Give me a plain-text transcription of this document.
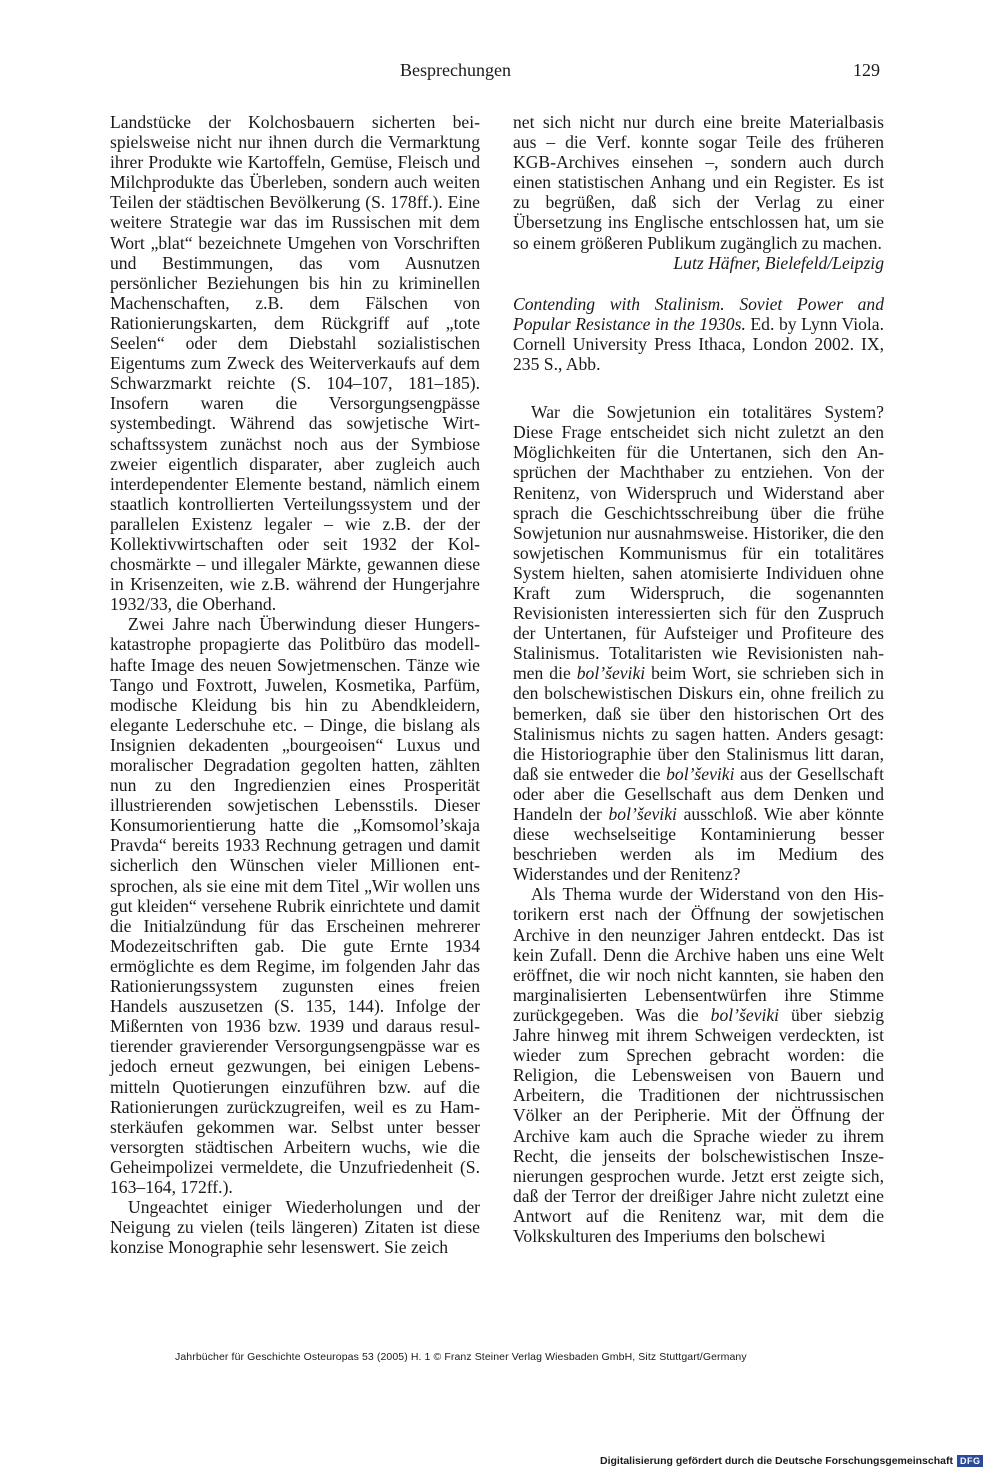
Besprechungen	129

Landstücke der Kolchosbauern sicherten beispielsweise nicht nur ihnen durch die Vermarktung ihrer Produkte wie Kartoffeln, Gemüse, Fleisch und Milchprodukte das Überleben, sondern auch weiten Teilen der städtischen Bevölkerung (S. 178ff.). Eine weitere Strategie war das im Russischen mit dem Wort „blat“ bezeichnete Umgehen von Vorschriften und Bestimmungen, das vom Ausnutzen persönlicher Beziehungen bis hin zu kriminellen Machenschaften, z.B. dem Fälschen von Rationierungskarten, dem Rückgriff auf „tote Seelen“ oder dem Diebstahl sozialistischen Eigentums zum Zweck des Weiterverkaufs auf dem Schwarzmarkt reichte (S. 104–107, 181–185). Insofern waren die Versorgungsengpässe systembedingt. Während das sowjetische Wirtschaftssystem zunächst noch aus der Symbiose zweier eigentlich disparater, aber zugleich auch interdependenter Elemente bestand, nämlich einem staatlich kontrollierten Verteilungssystem und der parallelen Existenz legaler – wie z.B. der der Kollektivwirtschaften oder seit 1932 der Kolchosmärkte – und illegaler Märkte, gewannen diese in Krisenzeiten, wie z.B. während der Hungerjahre 1932/33, die Oberhand.

Zwei Jahre nach Überwindung dieser Hungerskatastrophe propagierte das Politbüro das modellhafte Image des neuen Sowjetmenschen. Tänze wie Tango und Foxtrott, Juwelen, Kosmetika, Parfüm, modische Kleidung bis hin zu Abendkleidern, elegante Lederschuhe etc. – Dinge, die bislang als Insignien dekadenten „bourgeoisen“ Luxus und moralischer Degradation gegolten hatten, zählten nun zu den Ingredienzien eines Prosperität illustrierenden sowjetischen Lebensstils. Dieser Konsumorientierung hatte die „Komsomol’skaja Pravda“ bereits 1933 Rechnung getragen und damit sicherlich den Wünschen vieler Millionen entsprochen, als sie eine mit dem Titel „Wir wollen uns gut kleiden“ versehene Rubrik einrichtete und damit die Initialzündung für das Erscheinen mehrerer Modezeitschriften gab. Die gute Ernte 1934 ermöglichte es dem Regime, im folgenden Jahr das Rationierungssystem zugunsten eines freien Handels auszusetzen (S. 135, 144). Infolge der Mißernten von 1936 bzw. 1939 und daraus resultierender gravierender Versorgungsengpässe war es jedoch erneut gezwungen, bei einigen Lebensmitteln Quotierungen einzuführen bzw. auf die Rationierungen zurückzugreifen, weil es zu Hamsterkäufen gekommen war. Selbst unter besser versorgten städtischen Arbeitern wuchs, wie die Geheimpolizei vermeldete, die Unzufriedenheit (S. 163–164, 172ff.).

Ungeachtet einiger Wiederholungen und der Neigung zu vielen (teils längeren) Zitaten ist diese konzise Monographie sehr lesenswert. Sie zeich

net sich nicht nur durch eine breite Materialbasis aus – die Verf. konnte sogar Teile des früheren KGB-Archives einsehen –, sondern auch durch einen statistischen Anhang und ein Register. Es ist zu begrüßen, daß sich der Verlag zu einer Übersetzung ins Englische entschlossen hat, um sie so einem größeren Publikum zugänglich zu machen.

Lutz Häfner, Bielefeld/Leipzig

Contending with Stalinism. Soviet Power and Popular Resistance in the 1930s. Ed. by Lynn Viola. Cornell University Press Ithaca, London 2002. IX, 235 S., Abb.

War die Sowjetunion ein totalitäres System? Diese Frage entscheidet sich nicht zuletzt an den Möglichkeiten für die Untertanen, sich den Ansprüchen der Machthaber zu entziehen. Von der Renitenz, von Widerspruch und Widerstand aber sprach die Geschichtsschreibung über die frühe Sowjetunion nur ausnahmsweise. Historiker, die den sowjetischen Kommunismus für ein totalitäres System hielten, sahen atomisierte Individuen ohne Kraft zum Widerspruch, die sogenannten Revisionisten interessierten sich für den Zuspruch der Untertanen, für Aufsteiger und Profiteure des Stalinismus. Totalitaristen wie Revisionisten nahmen die bol’ševiki beim Wort, sie schrieben sich in den bolschewistischen Diskurs ein, ohne freilich zu bemerken, daß sie über den historischen Ort des Stalinismus nichts zu sagen hatten. Anders gesagt: die Historiographie über den Stalinismus litt daran, daß sie entweder die bol’ševiki aus der Gesellschaft oder aber die Gesellschaft aus dem Denken und Handeln der bol’ševiki ausschloß. Wie aber könnte diese wechselseitige Kontaminierung besser beschrieben werden als im Medium des Widerstandes und der Renitenz?

Als Thema wurde der Widerstand von den Historikern erst nach der Öffnung der sowjetischen Archive in den neunziger Jahren entdeckt. Das ist kein Zufall. Denn die Archive haben uns eine Welt eröffnet, die wir noch nicht kannten, sie haben den marginalisierten Lebensentwürfen ihre Stimme zurückgegeben. Was die bol’ševiki über siebzig Jahre hinweg mit ihrem Schweigen verdeckten, ist wieder zum Sprechen gebracht worden: die Religion, die Lebensweisen von Bauern und Arbeitern, die Traditionen der nichtrussischen Völker an der Peripherie. Mit der Öffnung der Archive kam auch die Sprache wieder zu ihrem Recht, die jenseits der bolschewistischen Inszenierungen gesprochen wurde. Jetzt erst zeigte sich, daß der Terror der dreißiger Jahre nicht zuletzt eine Antwort auf die Renitenz war, mit dem die Volkskulturen des Imperiums den bolschewi

Jahrbücher für Geschichte Osteuropas 53 (2005) H. 1 © Franz Steiner Verlag Wiesbaden GmbH, Sitz Stuttgart/Germany
Digitalisierung gefördert durch die Deutsche Forschungsgemeinschaft DFG
